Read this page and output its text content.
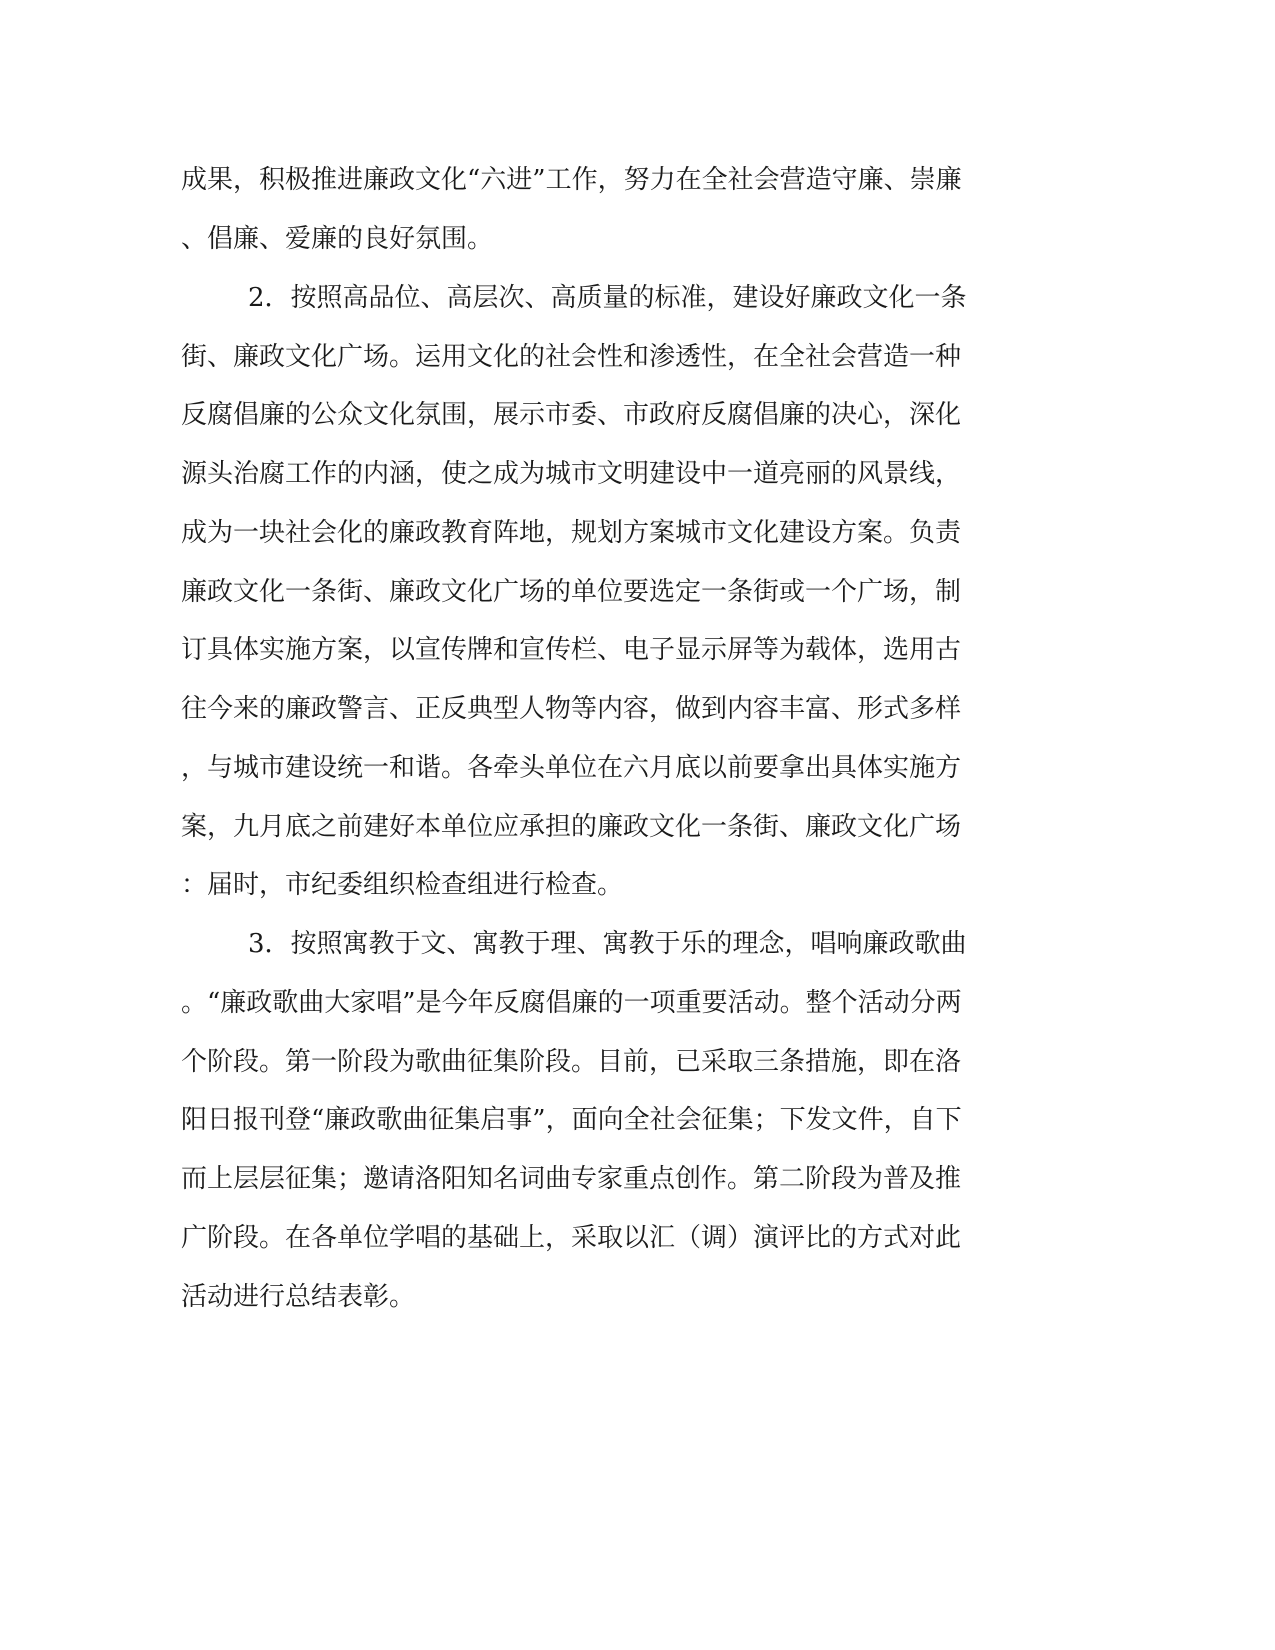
成果，积极推进廉政文化“六进”工作，努力在全社会营造守廉、崇廉
、倡廉、爱廉的良好氛围。
2．按照高品位、高层次、高质量的标准，建设好廉政文化一条
街、廉政文化广场。运用文化的社会性和渗透性，在全社会营造一种
反腐倡廉的公众文化氛围，展示市委、市政府反腐倡廉的决心，深化
源头治腐工作的内涵，使之成为城市文明建设中一道亮丽的风景线，
成为一块社会化的廉政教育阵地，规划方案城市文化建设方案。负责
廉政文化一条街、廉政文化广场的单位要选定一条街或一个广场，制
订具体实施方案，以宣传牌和宣传栏、电子显示屏等为载体，选用古
往今来的廉政警言、正反典型人物等内容，做到内容丰富、形式多样
，与城市建设统一和谐。各牵头单位在六月底以前要拿出具体实施方
案，九月底之前建好本单位应承担的廉政文化一条街、廉政文化广场
：届时，市纪委组织检查组进行检查。
3．按照寓教于文、寓教于理、寓教于乐的理念，唱响廉政歌曲
。“廉政歌曲大家唱”是今年反腐倡廉的一项重要活动。整个活动分两
个阶段。第一阶段为歌曲征集阶段。目前，已采取三条措施，即在洛
阳日报刊登“廉政歌曲征集启事”，面向全社会征集；下发文件，自下
而上层层征集；邀请洛阳知名词曲专家重点创作。第二阶段为普及推
广阶段。在各单位学唱的基础上，采取以汇（调）演评比的方式对此
活动进行总结表彰。
